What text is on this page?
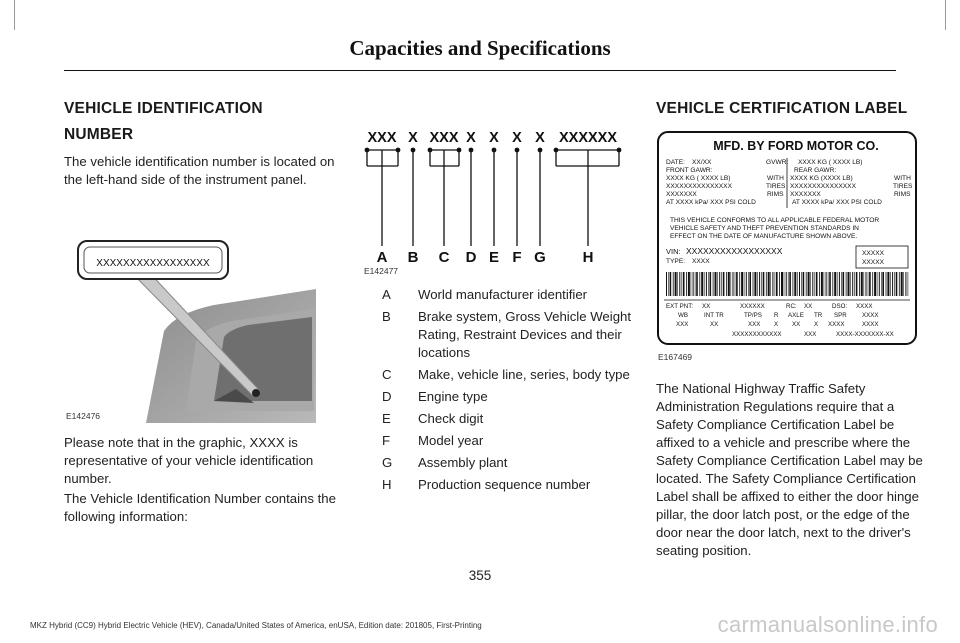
Capacities and Specifications
VEHICLE IDENTIFICATION NUMBER

The vehicle identification number is located on the left-hand side of the instrument panel.

XXXXXXXXXXXXXXXXX
E142476

Please note that in the graphic, XXXX is representative of your vehicle identification number.

The Vehicle Identification Number contains the following information:

XXX X XXX X X X X XXXXXX
A B C D E F G H
E142477
A	World manufacturer identifier
B	Brake system, Gross Vehicle Weight Rating, Restraint Devices and their locations
C	Make, vehicle line, series, body type
D	Engine type
E	Check digit
F	Model year
G	Assembly plant
H	Production sequence number
VEHICLE CERTIFICATION LABEL
MFD. BY FORD MOTOR CO.
DATE: XX/XX	GVWR: XXXX KG ( XXXX LB)
FRONT GAWR:	REAR GAWR:
XXXX KG ( XXXX LB)	XXXX KG (XXXX LB)
WITH	WITH
XXXXXXXXXXXXXXX	XXXXXXXXXXXXXXX
TIRES	TIRES
XXXXXXX	XXXXXXX
RIMS	RIMS
AT XXXX kPa/ XXX PSI COLD	AT XXXX kPa/ XXX PSI COLD
THIS VEHICLE CONFORMS TO ALL APPLICABLE FEDERAL MOTOR
VEHICLE SAFETY AND THEFT PREVENTION STANDARDS IN
EFFECT ON THE DATE OF MANUFACTURE SHOWN ABOVE.
VIN: XXXXXXXXXXXXXXXXX
TYPE: XXXX
XXXXX
XXXXX
EXT PNT: XX	XXXXXX	RC: XX	DSO: XXXX
WB	INT TR	TP/PS R AXLE TR SPR XXXX
XXX	XX	XXX X XX X XXXX	XXXX
XXXXXXXXXXXX	XXX	XXXX-XXXXXXX-XX
E167469

The National Highway Traffic Safety Administration Regulations require that a Safety Compliance Certification Label be affixed to a vehicle and prescribe where the Safety Compliance Certification Label may be located. The Safety Compliance Certification Label shall be affixed to either the door hinge pillar, the door latch post, or the edge of the door near the door latch, next to the driver's seating position.

355
MKZ Hybrid (CC9) Hybrid Electric Vehicle (HEV), Canada/United States of America, enUSA, Edition date: 201805, First-Printing	carmanualsonline.info
